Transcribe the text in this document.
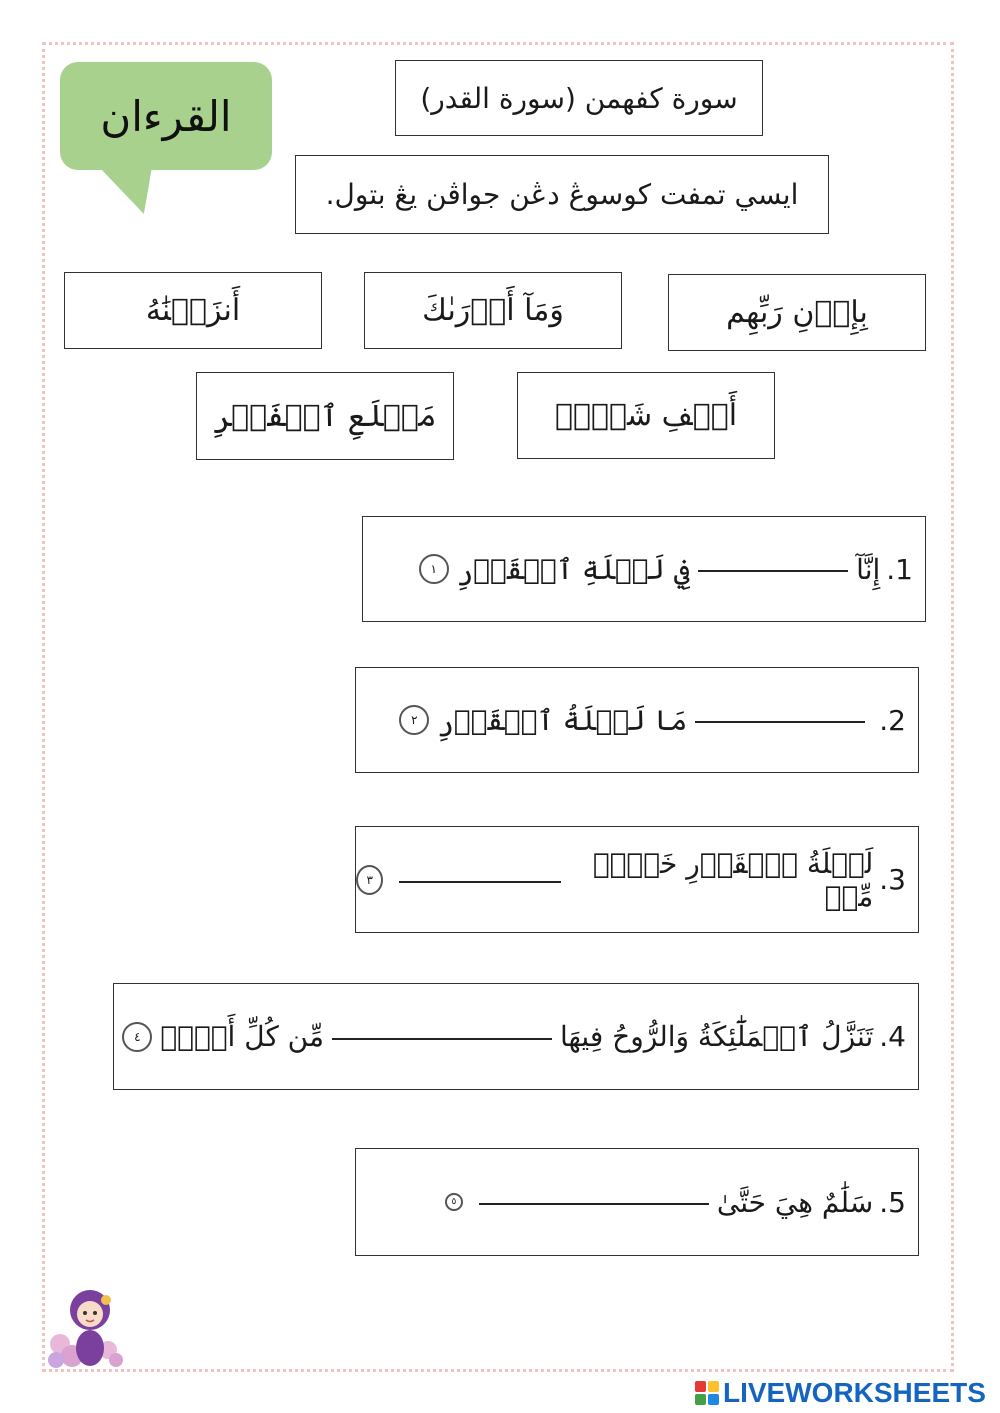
القرءان	سورة كفهمن (سورة القدر)
ايسي تمفت كوسوڠ دڠن جواڤن يڠ بتول.
أَنزَلۡنَٰهُ	وَمَآ أَدۡرَىٰكَ	بِإِذۡنِ رَبِّهِم
مَطۡلَعِ ٱلۡفَجۡرِ	أَلۡفِ شَهۡرٖ
1.
إِنَّآ
فِي لَيۡلَةِ ٱلۡقَدۡرِ
١
2.
مَا لَيۡلَةُ ٱلۡقَدۡرِ
٢
3.
لَيۡلَةُ ٱلۡقَدۡرِ خَيۡرٞ مِّنۡ
٣
4.
تَنَزَّلُ ٱلۡمَلَٰٓئِكَةُ وَالرُّوحُ فِيهَا
مِّن كُلِّ أَمۡرٖ
٤
5.
سَلَٰمٌ هِيَ حَتَّىٰ
٥
LIVEWORKSHEETS
